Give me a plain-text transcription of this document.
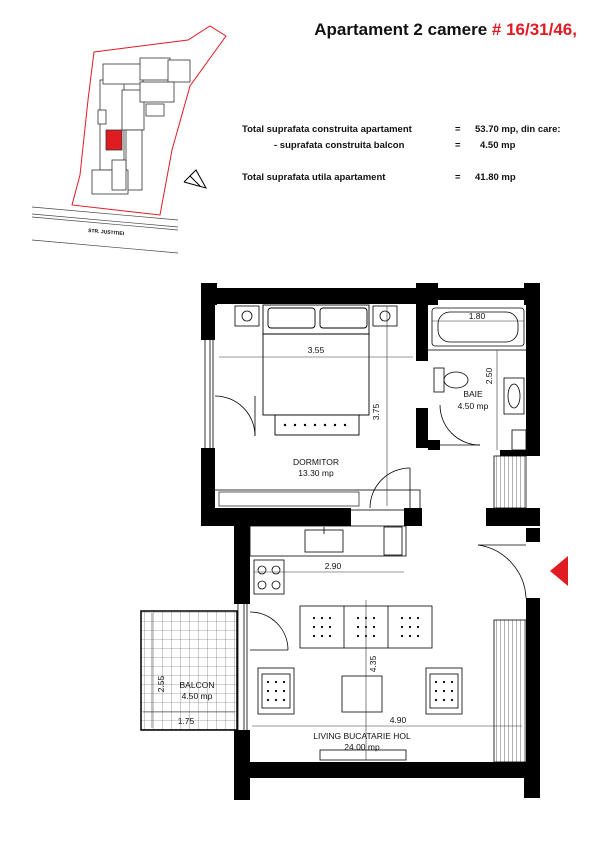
Apartament 2 camere # 16/31/46,
Total suprafata construita apartament	= 53.70 mp, din care:
- suprafata construita balcon	= 4.50 mp
Total suprafata utila apartament	= 41.80 mp
STR. JUSTITIEI
DORMITOR
13.30 mp
BAIE
4.50 mp
BALCON
4.50 mp
LIVING BUCATARIE HOL
24.00 mp
3.55
3.75
1.80
2.50
2.90
4.35
4.90
2.55
1.75
